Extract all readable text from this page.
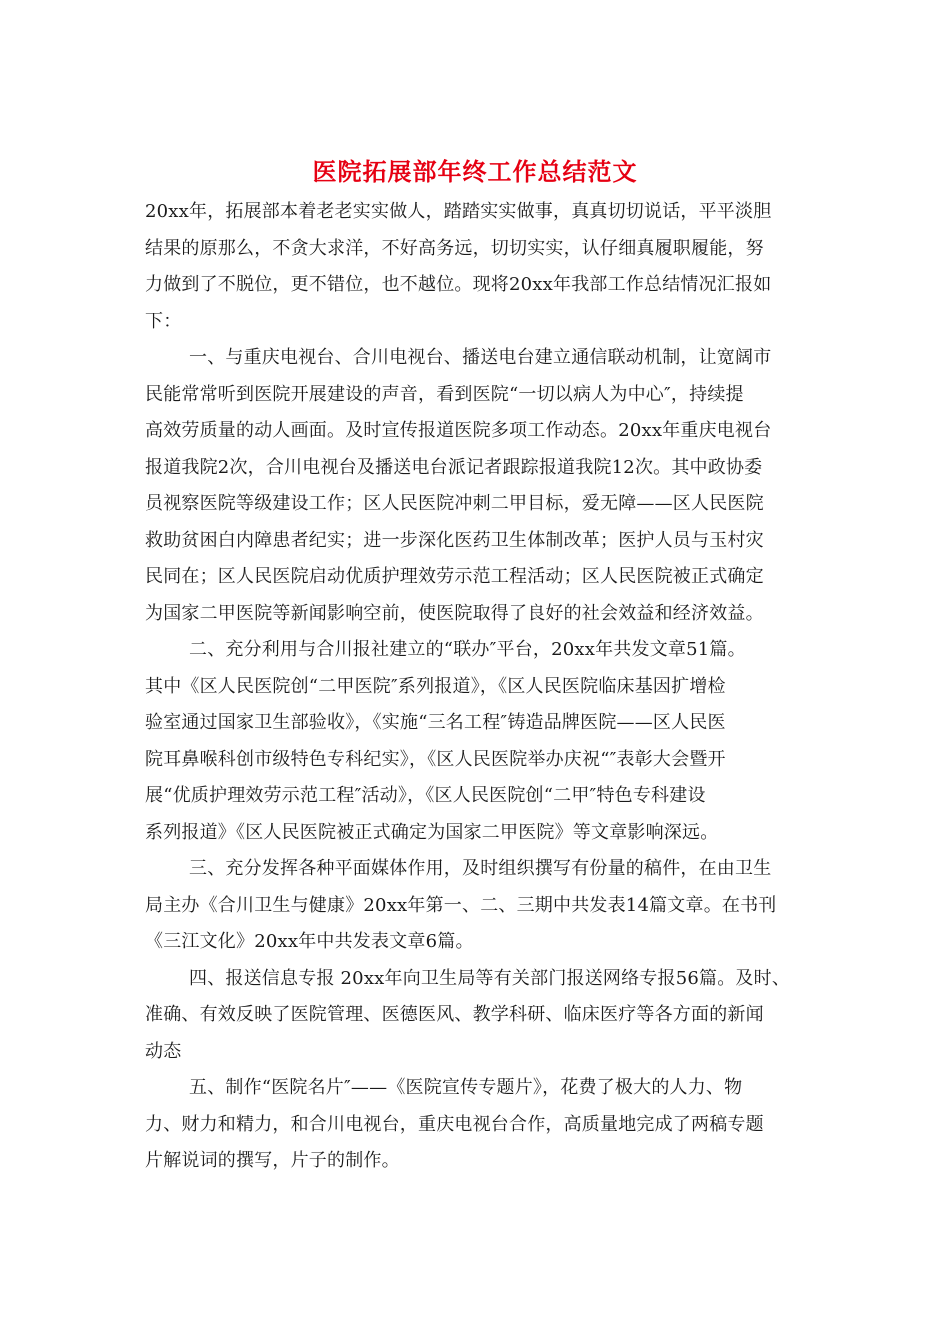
医院拓展部年终工作总结范文
20xx年，拓展部本着老老实实做人，踏踏实实做事，真真切切说话，平平淡胆
结果的原那么，不贪大求洋，不好高务远，切切实实，认仔细真履职履能，努
力做到了不脱位，更不错位，也不越位。现将20xx年我部工作总结情况汇报如
下：
一、与重庆电视台、合川电视台、播送电台建立通信联动机制，让宽阔市
民能常常听到医院开展建设的声音，看到医院“一切以病人为中心″，持续提
高效劳质量的动人画面。及时宣传报道医院多项工作动态。20xx年重庆电视台
报道我院2次，合川电视台及播送电台派记者跟踪报道我院12次。其中政协委
员视察医院等级建设工作；区人民医院冲刺二甲目标，爱无障——区人民医院
救助贫困白内障患者纪实；进一步深化医药卫生体制改革；医护人员与玉村灾
民同在；区人民医院启动优质护理效劳示范工程活动；区人民医院被正式确定
为国家二甲医院等新闻影响空前，使医院取得了良好的社会效益和经济效益。
二、充分利用与合川报社建立的“联办″平台，20xx年共发文章51篇。
其中《区人民医院创“二甲医院″系列报道》，《区人民医院临床基因扩增检
验室通过国家卫生部验收》，《实施“三名工程″铸造品牌医院——区人民医
院耳鼻喉科创市级特色专科纪实》，《区人民医院举办庆祝“″表彰大会暨开
展“优质护理效劳示范工程″活动》，《区人民医院创“二甲″特色专科建设
系列报道》《区人民医院被正式确定为国家二甲医院》等文章影响深远。
三、充分发挥各种平面媒体作用，及时组织撰写有份量的稿件，在由卫生
局主办《合川卫生与健康》20xx年第一、二、三期中共发表14篇文章。在书刊
《三江文化》20xx年中共发表文章6篇。
四、报送信息专报 20xx年向卫生局等有关部门报送网络专报56篇。及时、
准确、有效反映了医院管理、医德医风、教学科研、临床医疗等各方面的新闻
动态
五、制作“医院名片″——《医院宣传专题片》，花费了极大的人力、物
力、财力和精力，和合川电视台，重庆电视台合作，高质量地完成了两稿专题
片解说词的撰写，片子的制作。
